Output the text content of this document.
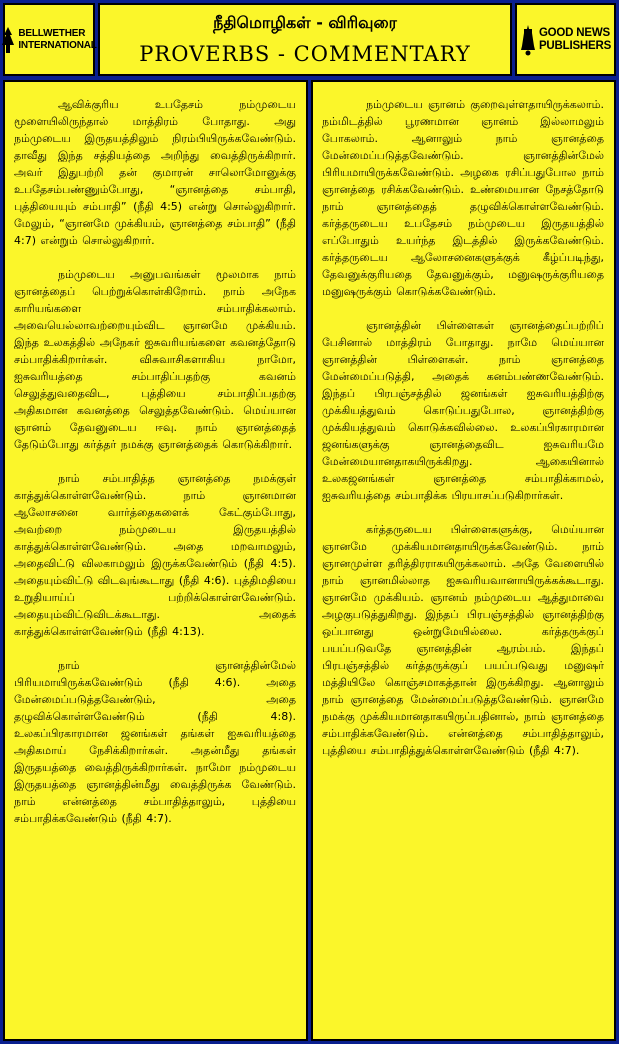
BELLWETHER
INTERNATIONAL
நீதிமொழிகள் - விரிவுரை
PROVERBS - COMMENTARY
GOOD NEWS
PUBLISHERS

ஆவிக்குரிய உபதேசம் நம்முடைய மூளையிலிருந்தால் மாத்திரம் போதாது. அது நம்முடைய இருதயத்திலும் நிரம்பியிருக்கவேண்டும். தாவீது இந்த சத்தியத்தை அறிந்து வைத்திருக்கிறார். அவர் இதுபற்றி தன் குமாரன் சாலொமோனுக்கு உபதேசம்பண்ணும்போது, “ஞானத்தை சம்பாதி, புத்தியையும் சம்பாதி” (நீதி 4:5) என்று சொல்லுகிறார். மேலும், “ஞானமே முக்கியம், ஞானத்தை சம்பாதி” (நீதி 4:7) என்றும் சொல்லுகிறார்.

நம்முடைய அனுபவங்கள் மூலமாக நாம் ஞானத்தைப் பெற்றுக்கொள்கிறோம். நாம் அநேக காரியங்களை சம்பாதிக்கலாம். அவையெல்லாவற்றையும்விட ஞானமே முக்கியம். இந்த உலகத்தில் அநேகர் ஐசுவரியங்களை கவனத்தோடு சம்பாதிக்கிறார்கள். விசுவாசிகளாகிய நாமோ, ஐசுவரியத்தை சம்பாதிப்பதற்கு கவனம் செலுத்துவதைவிட, புத்தியை சம்பாதிப்பதற்கு அதிகமான கவனத்தை செலுத்தவேண்டும். மெய்யான ஞானம் தேவனுடைய ஈவு. நாம் ஞானத்தைத் தேடும்போது கர்த்தர் நமக்கு ஞானத்தைக் கொடுக்கிறார்.

நாம் சம்பாதித்த ஞானத்தை நமக்குள் காத்துக்கொள்ளவேண்டும். நாம் ஞானமான ஆலோசனை வார்த்தைகளைக் கேட்கும்போது, அவற்றை நம்முடைய இருதயத்தில் காத்துக்கொள்ளவேண்டும். அதை மறவாமலும், அதைவிட்டு விலகாமலும் இருக்கவேண்டும் (நீதி 4:5). அதையும்விட்டு விடவுங்கூடாது (நீதி 4:6). புத்திமதியை உறுதியாய்ப் பற்றிக்கொள்ளவேண்டும். அதையும்விட்டுவிடக்கூடாது. அதைக் காத்துக்கொள்ளவேண்டும் (நீதி 4:13).

நாம் ஞானத்தின்மேல் பிரியமாயிருக்கவேண்டும் (நீதி 4:6). அதை மேன்மைப்படுத்தவேண்டும், அதை தழுவிக்கொள்ளவேண்டும் (நீதி 4:8). உலகப்பிரகாரமான ஜனங்கள் தங்கள் ஐசுவரியத்தை அதிகமாய் நேசிக்கிறார்கள். அதன்மீது தங்கள் இருதயத்தை வைத்திருக்கிறார்கள். நாமோ நம்முடைய இருதயத்தை ஞானத்தின்மீது வைத்திருக்க வேண்டும். நாம் என்னத்தை சம்பாதித்தாலும், புத்தியை சம்பாதிக்கவேண்டும் (நீதி 4:7).

நம்முடைய ஞானம் குறைவுள்ளதாயிருக்கலாம். நம்மிடத்தில் பூரணமான ஞானம் இல்லாமலும் போகலாம். ஆனாலும் நாம் ஞானத்தை மேன்மைப்படுத்தவேண்டும். ஞானத்தின்மேல் பிரியமாயிருக்கவேண்டும். அழகை ரசிப்பதுபோல நாம் ஞானத்தை ரசிக்கவேண்டும். உண்மையான நேசத்தோடு நாம் ஞானத்தைத் தழுவிக்கொள்ளவேண்டும். கர்த்தருடைய உபதேசம் நம்முடைய இருதயத்தில் எப்போதும் உயர்ந்த இடத்தில் இருக்கவேண்டும். கர்த்தருடைய ஆலோசனைகளுக்குக் கீழ்ப்படிந்து, தேவனுக்குரியதை தேவனுக்கும், மனுஷருக்குரியதை மனுஷருக்கும் கொடுக்கவேண்டும்.

ஞானத்தின் பிள்ளைகள் ஞானத்தைப்பற்றிப் பேசினால் மாத்திரம் போதாது. நாமே மெய்யான ஞானத்தின் பிள்ளைகள். நாம் ஞானத்தை மேன்மைப்படுத்தி, அதைக் கனம்பண்ணவேண்டும். இந்தப் பிரபஞ்சத்தில் ஜனங்கள் ஐசுவரியத்திற்கு முக்கியத்துவம் கொடுப்பதுபோல, ஞானத்திற்கு முக்கியத்துவம் கொடுக்கவில்லை. உலகப்பிரகாரமான ஜனங்களுக்கு ஞானத்தைவிட ஐசுவரியமே மேன்மையானதாகயிருக்கிறது. ஆகையினால் உலகஜனங்கள் ஞானத்தை சம்பாதிக்காமல், ஐசுவரியத்தை சம்பாதிக்க பிரயாசப்படுகிறார்கள்.

கர்த்தருடைய பிள்ளைகளுக்கு, மெய்யான ஞானமே முக்கியமானதாயிருக்கவேண்டும். நாம் ஞானமுள்ள தரித்திரராகயிருக்கலாம். அதே வேளையில் நாம் ஞானமில்லாத ஐசுவரியவானாயிருக்கக்கூடாது. ஞானமே முக்கியம். ஞானம் நம்முடைய ஆத்துமாவை அழகுபடுத்துகிறது. இந்தப் பிரபஞ்சத்தில் ஞானத்திற்கு ஒப்பானது ஒன்றுமேயில்லை. கர்த்தருக்குப் பயப்படுவதே ஞானத்தின் ஆரம்பம். இந்தப் பிரபஞ்சத்தில் கர்த்தருக்குப் பயப்படுவது மனுஷர் மத்தியிலே கொஞ்சமாகத்தான் இருக்கிறது. ஆனாலும் நாம் ஞானத்தை மேன்மைப்படுத்தவேண்டும். ஞானமே நமக்கு முக்கியமானதாகயிருப்பதினால், நாம் ஞானத்தை சம்பாதிக்கவேண்டும். என்னத்தை சம்பாதித்தாலும், புத்தியை சம்பாதித்துக்கொள்ளவேண்டும் (நீதி 4:7).
